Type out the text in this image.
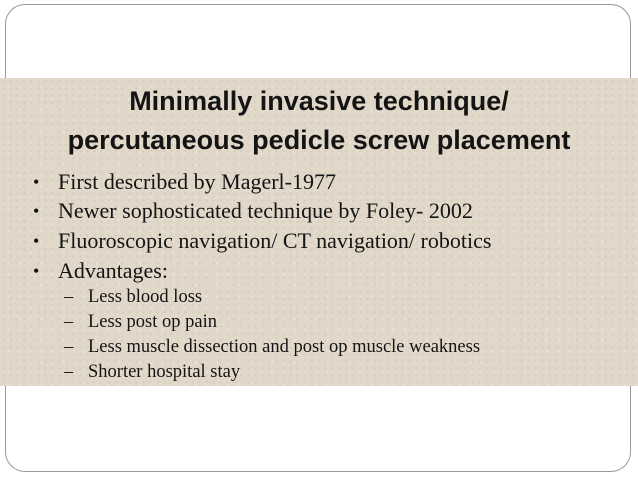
Minimally invasive technique/
percutaneous pedicle screw placement
• First described by Magerl-1977
• Newer sophosticated technique by Foley- 2002
• Fluoroscopic navigation/ CT navigation/ robotics
• Advantages:
– Less blood loss
– Less post op pain
– Less muscle dissection and post op muscle weakness
– Shorter hospital stay
